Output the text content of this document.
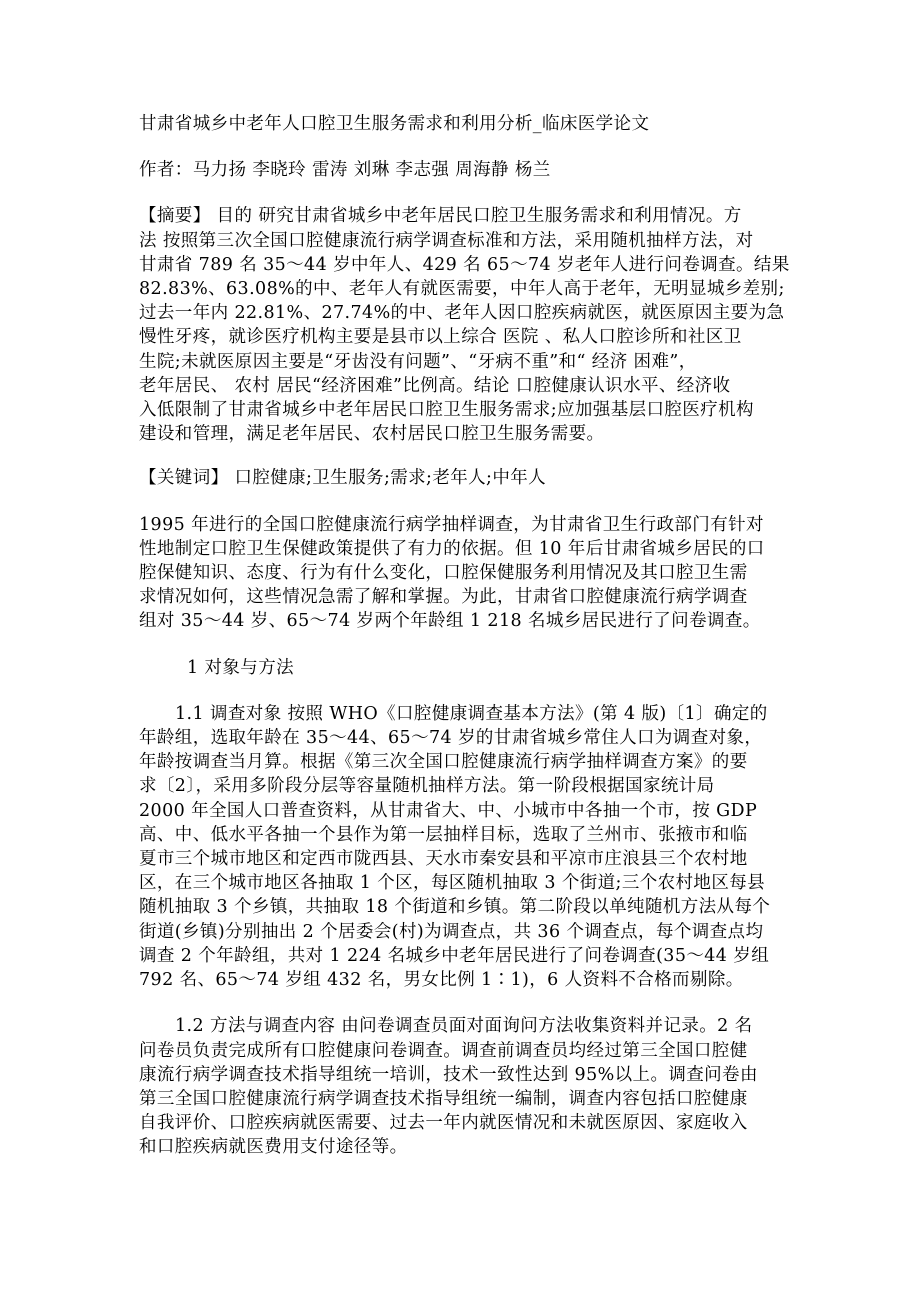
甘肃省城乡中老年人口腔卫生服务需求和利用分析_临床医学论文

作者：马力扬 李晓玲 雷涛 刘琳 李志强 周海静 杨兰

【摘要】 目的 研究甘肃省城乡中老年居民口腔卫生服务需求和利用情况。方
法 按照第三次全国口腔健康流行病学调查标准和方法，采用随机抽样方法，对
甘肃省 789 名 35～44 岁中年人、429 名 65～74 岁老年人进行问卷调查。结果
82.83%、63.08%的中、老年人有就医需要，中年人高于老年，无明显城乡差别;
过去一年内 22.81%、27.74%的中、老年人因口腔疾病就医，就医原因主要为急
慢性牙疼，就诊医疗机构主要是县市以上综合 医院 、私人口腔诊所和社区卫
生院;未就医原因主要是“牙齿没有问题”、“牙病不重”和“ 经济 困难”，
老年居民、 农村 居民“经济困难”比例高。结论 口腔健康认识水平、经济收
入低限制了甘肃省城乡中老年居民口腔卫生服务需求;应加强基层口腔医疗机构
建设和管理，满足老年居民、农村居民口腔卫生服务需要。

【关键词】 口腔健康;卫生服务;需求;老年人;中年人

1995 年进行的全国口腔健康流行病学抽样调查，为甘肃省卫生行政部门有针对
性地制定口腔卫生保健政策提供了有力的依据。但 10 年后甘肃省城乡居民的口
腔保健知识、态度、行为有什么变化，口腔保健服务利用情况及其口腔卫生需
求情况如何，这些情况急需了解和掌握。为此，甘肃省口腔健康流行病学调查
组对 35～44 岁、65～74 岁两个年龄组 1 218 名城乡居民进行了问卷调查。

1 对象与方法

1.1 调查对象 按照 WHO《口腔健康调查基本方法》(第 4 版)〔1〕确定的
年龄组，选取年龄在 35～44、65～74 岁的甘肃省城乡常住人口为调查对象，
年龄按调查当月算。根据《第三次全国口腔健康流行病学抽样调查方案》的要
求〔2〕，采用多阶段分层等容量随机抽样方法。第一阶段根据国家统计局
2000 年全国人口普查资料，从甘肃省大、中、小城市中各抽一个市，按 GDP
高、中、低水平各抽一个县作为第一层抽样目标，选取了兰州市、张掖市和临
夏市三个城市地区和定西市陇西县、天水市秦安县和平凉市庄浪县三个农村地
区，在三个城市地区各抽取 1 个区，每区随机抽取 3 个街道;三个农村地区每县
随机抽取 3 个乡镇，共抽取 18 个街道和乡镇。第二阶段以单纯随机方法从每个
街道(乡镇)分别抽出 2 个居委会(村)为调查点，共 36 个调查点，每个调查点均
调查 2 个年龄组，共对 1 224 名城乡中老年居民进行了问卷调查(35～44 岁组
792 名、65～74 岁组 432 名，男女比例 1∶1)，6 人资料不合格而剔除。

1.2 方法与调查内容 由问卷调查员面对面询问方法收集资料并记录。2 名
问卷员负责完成所有口腔健康问卷调查。调查前调查员均经过第三全国口腔健
康流行病学调查技术指导组统一培训，技术一致性达到 95%以上。调查问卷由
第三全国口腔健康流行病学调查技术指导组统一编制，调查内容包括口腔健康
自我评价、口腔疾病就医需要、过去一年内就医情况和未就医原因、家庭收入
和口腔疾病就医费用支付途径等。
